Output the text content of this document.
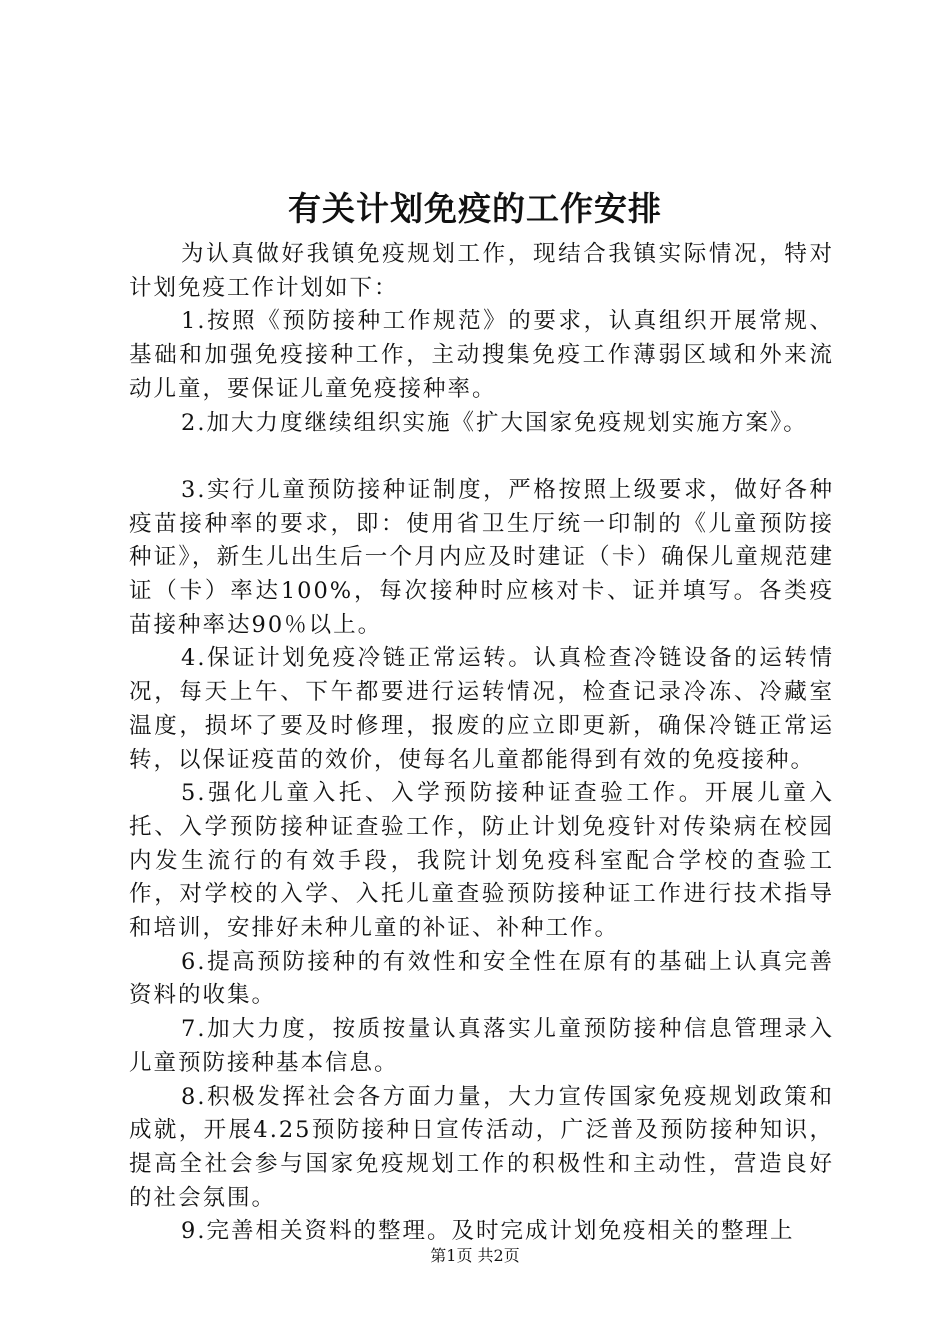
有关计划免疫的工作安排

为认真做好我镇免疫规划工作，现结合我镇实际情况，特对计划免疫工作计划如下：

1.按照《预防接种工作规范》的要求，认真组织开展常规、基础和加强免疫接种工作，主动搜集免疫工作薄弱区域和外来流动儿童，要保证儿童免疫接种率。

2.加大力度继续组织实施《扩大国家免疫规划实施方案》。

3.实行儿童预防接种证制度，严格按照上级要求，做好各种疫苗接种率的要求，即：使用省卫生厅统一印制的《儿童预防接种证》，新生儿出生后一个月内应及时建证（卡）确保儿童规范建证（卡）率达100%，每次接种时应核对卡、证并填写。各类疫苗接种率达90％以上。

4.保证计划免疫冷链正常运转。认真检查冷链设备的运转情况，每天上午、下午都要进行运转情况，检查记录冷冻、冷藏室温度，损坏了要及时修理，报废的应立即更新，确保冷链正常运转，以保证疫苗的效价，使每名儿童都能得到有效的免疫接种。

5.强化儿童入托、入学预防接种证查验工作。开展儿童入托、入学预防接种证查验工作，防止计划免疫针对传染病在校园内发生流行的有效手段，我院计划免疫科室配合学校的查验工作，对学校的入学、入托儿童查验预防接种证工作进行技术指导和培训，安排好未种儿童的补证、补种工作。

6.提高预防接种的有效性和安全性在原有的基础上认真完善资料的收集。

7.加大力度，按质按量认真落实儿童预防接种信息管理录入儿童预防接种基本信息。

8.积极发挥社会各方面力量，大力宣传国家免疫规划政策和成就，开展4.25预防接种日宣传活动，广泛普及预防接种知识，提高全社会参与国家免疫规划工作的积极性和主动性，营造良好的社会氛围。

9.完善相关资料的整理。及时完成计划免疫相关的整理上

第1页 共2页
